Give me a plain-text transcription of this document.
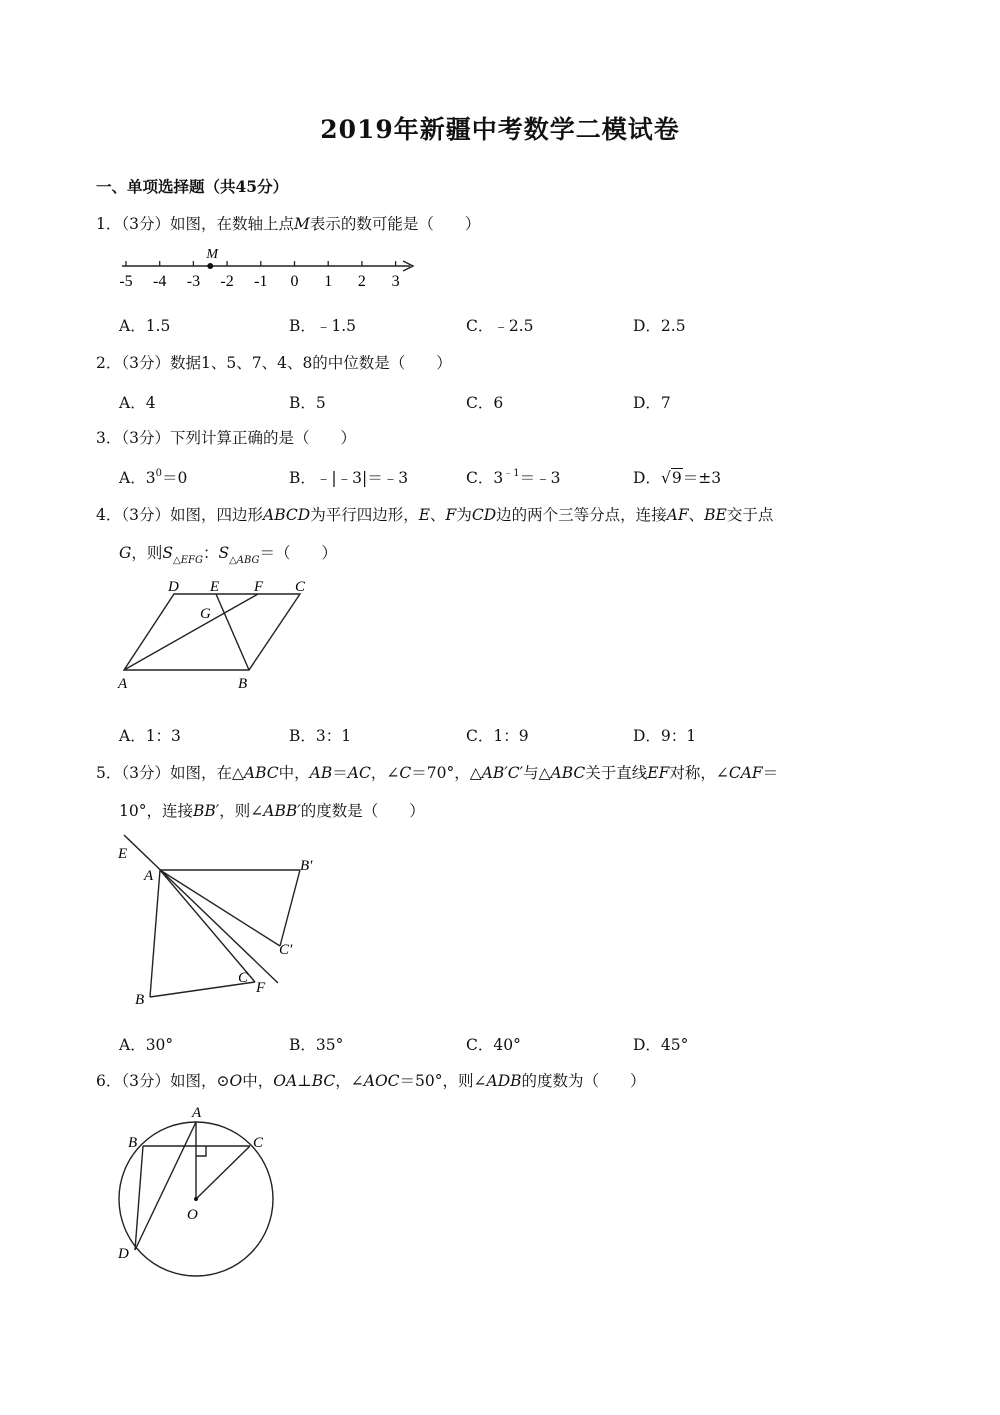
2019年新疆中考数学二模试卷
一、单项选择题（共45分）
1．（3分）如图，在数轴上点M表示的数可能是（　　）
-5 -4 -3 -2 -1 0 1 2 3
M
A．1.5	B．﹣1.5	C．﹣2.5	D．2.5
2．（3分）数据1、5、7、4、8的中位数是（　　）
A．4	B．5	C．6	D．7
3．（3分）下列计算正确的是（　　）
A．$3^0=0$	B．﹣|﹣3|＝﹣3	C．$3^{﹣1}=﹣3$	D．√9＝±3
4．（3分）如图，四边形ABCD为平行四边形，E、F为CD边的两个三等分点，连接AF、BE交于点
G，则$S_{\triangle EFG}$：$S_{\triangle ABG}=$（　　）
D E F C
G
A	B
A．1：3	B．3：1	C．1：9	D．9：1
5．（3分）如图，在△ABC中，AB＝AC，∠C＝70°，△AB′C′与△ABC关于直线EF对称，∠CAF＝
10°，连接BB′，则∠ABB′的度数是（　　）
E
A
B′
C′
C
F
B
A．30°	B．35°	C．40°	D．45°
6．（3分）如图，⊙O中，OA⊥BC，∠AOC＝50°，则∠ADB的度数为（　　）
A
B	C
O
D
